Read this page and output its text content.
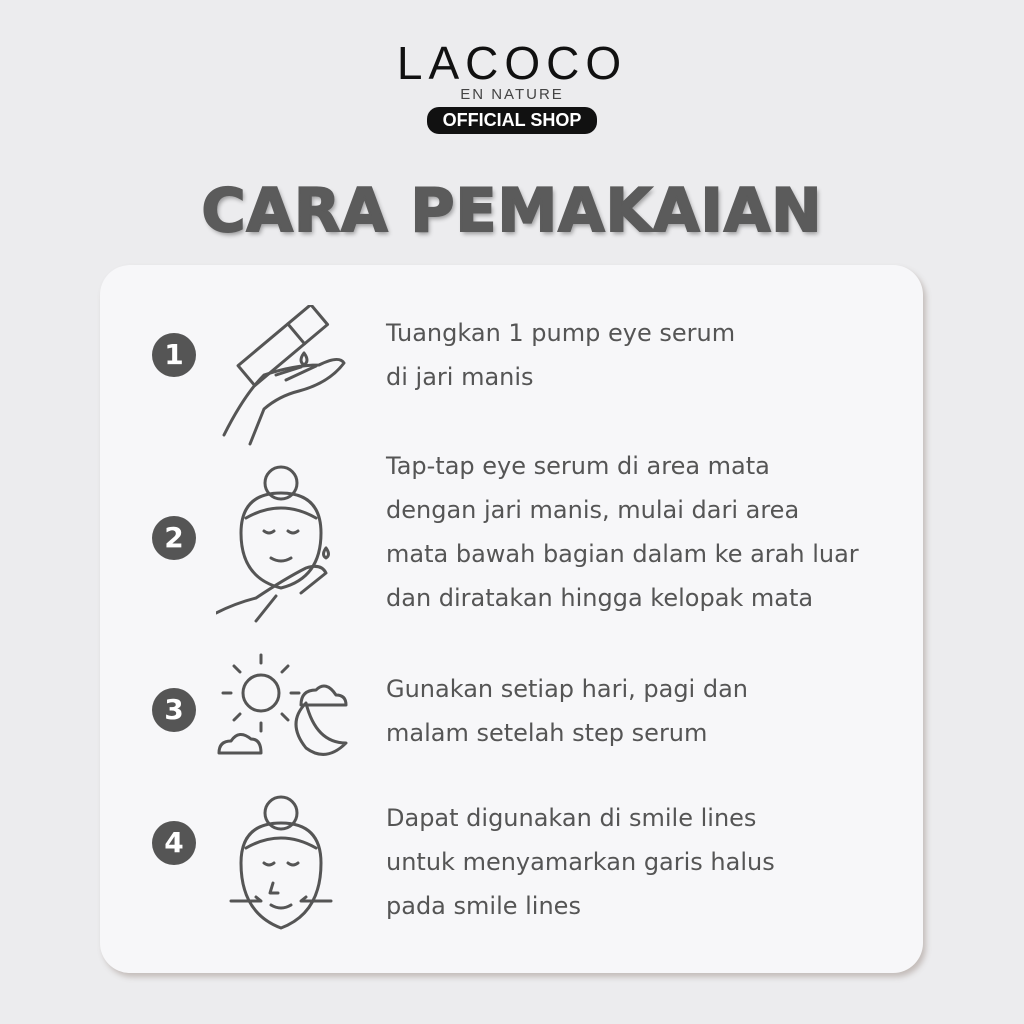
LACOCO
EN NATURE
OFFICIAL SHOP
CARA PEMAKAIAN
1
Tuangkan 1 pump eye serum
di jari manis
2
Tap-tap eye serum di area mata
dengan jari manis, mulai dari area
mata bawah bagian dalam ke arah luar
dan diratakan hingga kelopak mata
3
Gunakan setiap hari, pagi dan
malam setelah step serum
4
Dapat digunakan di smile lines
untuk menyamarkan garis halus
pada smile lines
